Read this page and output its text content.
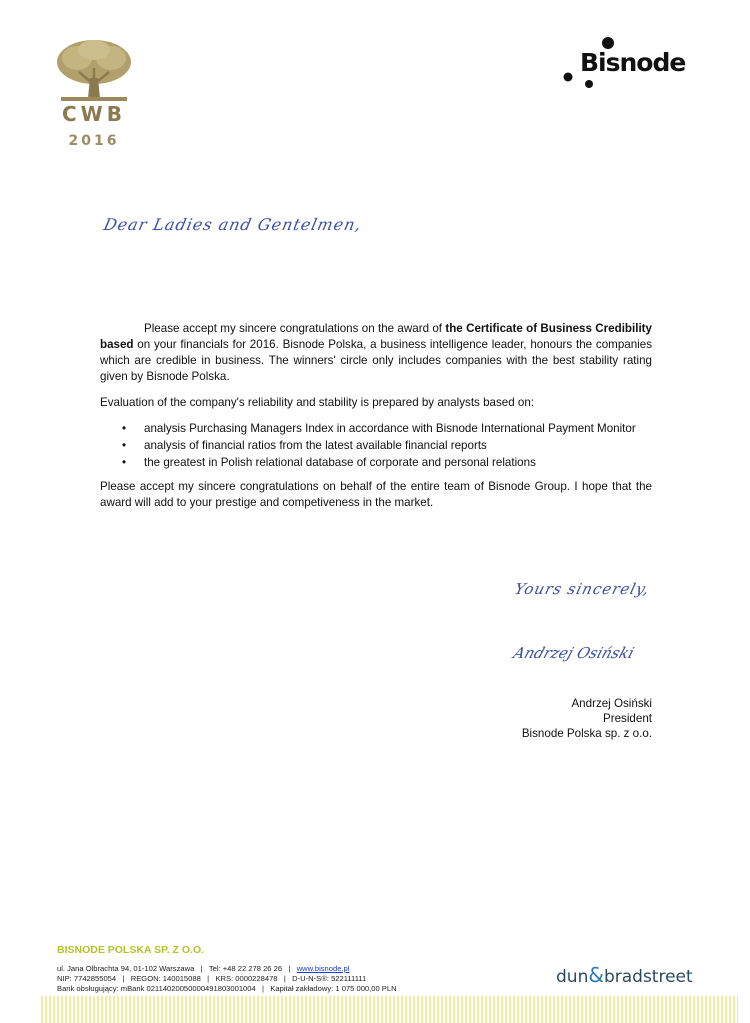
CWB
2016
Bisnode
Dear Ladies and Gentelmen,

Please accept my sincere congratulations on the award of the Certificate of Business Credibility based on your financials for 2016. Bisnode Polska, a business intelligence leader, honours the companies which are credible in business. The winners' circle only includes companies with the best stability rating given by Bisnode Polska.

Evaluation of the company's reliability and stability is prepared by analysts based on:

• analysis Purchasing Managers Index in accordance with Bisnode International Payment Monitor
• analysis of financial ratios from the latest available financial reports
• the greatest in Polish relational database of corporate and personal relations

Please accept my sincere congratulations on behalf of the entire team of Bisnode Group. I hope that the award will add to your prestige and competiveness in the market.

Yours sincerely,
Andrzej Osiński
Andrzej Osiński
President
Bisnode Polska sp. z o.o.
BISNODE POLSKA SP. Z O.O.
ul. Jana Olbrachta 94, 01-102 Warszawa   |   Tel: +48 22 278 26 26   |   www.bisnode.pl
NIP: 7742855054   |   REGON: 140015088   |   KRS: 0000228478   |   D-U-N-S®: 522111111
Bank obsługujący: mBank 02114020050000491803001004   |   Kapitał zakładowy: 1 075 000,00 PLN
dun&bradstreet
